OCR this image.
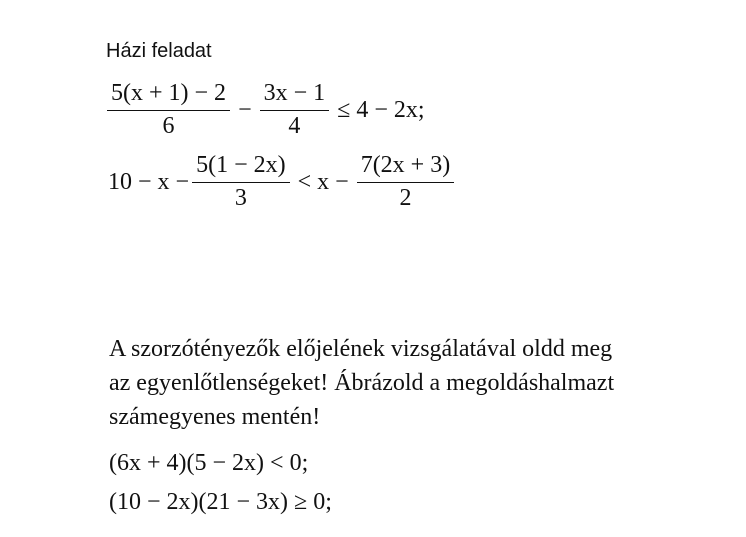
Házi feladat
$\frac{5(x + 1) - 2}{6} - \frac{3x - 1}{4} \le 4 - 2x$;
$10 - x - \frac{5(1 - 2x)}{3} < x - \frac{7(2x + 3)}{2}$

A szorzótényezők előjelének vizsgálatával oldd meg

az egyenlőtlenségeket! Ábrázold a megoldáshalmazt

számegyenes mentén!

(6x + 4)(5 − 2x) < 0;
(10 − 2x)(21 − 3x) ≥ 0;
